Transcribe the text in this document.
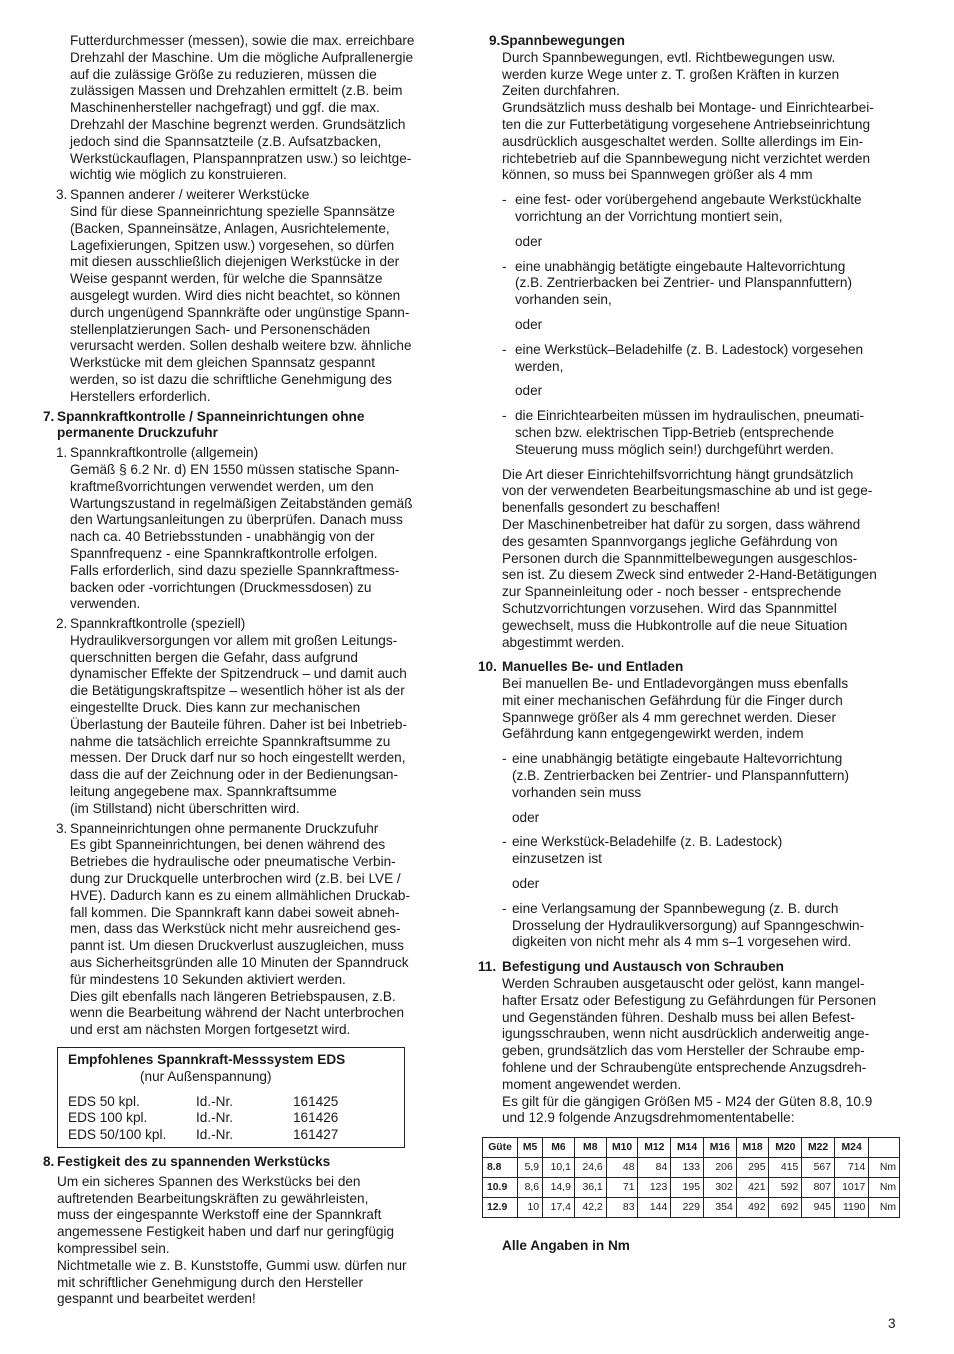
Futterdurchmesser (messen), sowie die max. erreichbare
Drehzahl der Maschine. Um die mögliche Aufprallenergie
auf die zulässige Größe zu reduzieren, müssen die
zulässigen Massen und Drehzahlen ermittelt (z.B. beim
Maschinenhersteller nachgefragt) und ggf. die max.
Drehzahl der Maschine begrenzt werden. Grundsätzlich
jedoch sind die Spannsatzteile (z.B. Aufsatzbacken,
Werkstückauflagen, Planspannpratzen usw.) so leichtge-
wichtig wie möglich zu konstruieren.
3. Spannen anderer / weiterer Werkstücke
Sind für diese Spanneinrichtung spezielle Spannsätze
(Backen, Spanneinsätze, Anlagen, Ausrichtelemente,
Lagefixierungen, Spitzen usw.) vorgesehen, so dürfen
mit diesen ausschließlich diejenigen Werkstücke in der
Weise gespannt werden, für welche die Spannsätze
ausgelegt wurden. Wird dies nicht beachtet, so können
durch ungenügend Spannkräfte oder ungünstige Spann-
stellenplatzierungen Sach- und Personenschäden
verursacht werden. Sollen deshalb weitere bzw. ähnliche
Werkstücke mit dem gleichen Spannsatz gespannt
werden, so ist dazu die schriftliche Genehmigung des
Herstellers erforderlich.
7. Spannkraftkontrolle / Spanneinrichtungen ohne
permanente Druckzufuhr
1. Spannkraftkontrolle (allgemein)
Gemäß § 6.2 Nr. d) EN 1550 müssen statische Spann-
kraftmeßvorrichtungen verwendet werden, um den
Wartungszustand in regelmäßigen Zeitabständen gemäß
den Wartungsanleitungen zu überprüfen. Danach muss
nach ca. 40 Betriebsstunden - unabhängig von der
Spannfrequenz - eine Spannkraftkontrolle erfolgen.
Falls erforderlich, sind dazu spezielle Spannkraftmess-
backen oder -vorrichtungen (Druckmessdosen) zu
verwenden.
2. Spannkraftkontrolle (speziell)
Hydraulikversorgungen vor allem mit großen Leitungs-
querschnitten bergen die Gefahr, dass aufgrund
dynamischer Effekte der Spitzendruck – und damit auch
die Betätigungskraftspitze – wesentlich höher ist als der
eingestellte Druck. Dies kann zur mechanischen
Überlastung der Bauteile führen. Daher ist bei Inbetrieb-
nahme die tatsächlich erreichte Spannkraftsumme zu
messen. Der Druck darf nur so hoch eingestellt werden,
dass die auf der Zeichnung oder in der Bedienungsan-
leitung angegebene max. Spannkraftsumme
(im Stillstand) nicht überschritten wird.
3. Spanneinrichtungen ohne permanente Druckzufuhr
Es gibt Spanneinrichtungen, bei denen während des
Betriebes die hydraulische oder pneumatische Verbin-
dung zur Druckquelle unterbrochen wird (z.B. bei LVE /
HVE). Dadurch kann es zu einem allmählichen Druckab-
fall kommen. Die Spannkraft kann dabei soweit abneh-
men, dass das Werkstück nicht mehr ausreichend ges-
pannt ist. Um diesen Druckverlust auszugleichen, muss
aus Sicherheitsgründen alle 10 Minuten der Spanndruck
für mindestens 10 Sekunden aktiviert werden.
Dies gilt ebenfalls nach längeren Betriebspausen, z.B.
wenn die Bearbeitung während der Nacht unterbrochen
und erst am nächsten Morgen fortgesetzt wird.
Empfohlenes Spannkraft-Messsystem EDS
(nur Außenspannung)
EDS 50 kpl.	Id.-Nr.	161425
EDS 100 kpl.	Id.-Nr.	161426
EDS 50/100 kpl.	Id.-Nr.	161427
8. Festigkeit des zu spannenden Werkstücks
Um ein sicheres Spannen des Werkstücks bei den
auftretenden Bearbeitungskräften zu gewährleisten,
muss der eingespannte Werkstoff eine der Spannkraft
angemessene Festigkeit haben und darf nur geringfügig
kompressibel sein.
Nichtmetalle wie z. B. Kunststoffe, Gummi usw. dürfen nur
mit schriftlicher Genehmigung durch den Hersteller
gespannt und bearbeitet werden!
9.Spannbewegungen
Durch Spannbewegungen, evtl. Richtbewegungen usw.
werden kurze Wege unter z. T. großen Kräften in kurzen
Zeiten durchfahren.
Grundsätzlich muss deshalb bei Montage- und Einrichtearbei-
ten die zur Futterbetätigung vorgesehene Antriebseinrichtung
ausdrücklich ausgeschaltet werden. Sollte allerdings im Ein-
richtebetrieb auf die Spannbewegung nicht verzichtet werden
können, so muss bei Spannwegen größer als 4 mm
- eine fest- oder vorübergehend angebaute Werkstückhalte
vorrichtung an der Vorrichtung montiert sein,
oder
- eine unabhängig betätigte eingebaute Haltevorrichtung
(z.B. Zentrierbacken bei Zentrier- und Planspannfuttern)
vorhanden sein,
oder
- eine Werkstück–Beladehilfe (z. B. Ladestock) vorgesehen
werden,
oder
- die Einrichtearbeiten müssen im hydraulischen, pneumati-
schen bzw. elektrischen Tipp-Betrieb (entsprechende
Steuerung muss möglich sein!) durchgeführt werden.
Die Art dieser Einrichtehilfsvorrichtung hängt grundsätzlich
von der verwendeten Bearbeitungsmaschine ab und ist gege-
benenfalls gesondert zu beschaffen!
Der Maschinenbetreiber hat dafür zu sorgen, dass während
des gesamten Spannvorgangs jegliche Gefährdung von
Personen durch die Spannmittelbewegungen ausgeschlos-
sen ist. Zu diesem Zweck sind entweder 2-Hand-Betätigungen
zur Spanneinleitung oder - noch besser - entsprechende
Schutzvorrichtungen vorzusehen. Wird das Spannmittel
gewechselt, muss die Hubkontrolle auf die neue Situation
abgestimmt werden.
10. Manuelles Be- und Entladen
Bei manuellen Be- und Entladevorgängen muss ebenfalls
mit einer mechanischen Gefährdung für die Finger durch
Spannwege größer als 4 mm gerechnet werden. Dieser
Gefährdung kann entgegengewirkt werden, indem
- eine unabhängig betätigte eingebaute Haltevorrichtung
(z.B. Zentrierbacken bei Zentrier- und Planspannfuttern)
vorhanden sein muss
oder
- eine Werkstück-Beladehilfe (z. B. Ladestock)
einzusetzen ist
oder
- eine Verlangsamung der Spannbewegung (z. B. durch
Drosselung der Hydraulikversorgung) auf Spanngeschwin-
digkeiten von nicht mehr als 4 mm s–1 vorgesehen wird.
11. Befestigung und Austausch von Schrauben
Werden Schrauben ausgetauscht oder gelöst, kann mangel-
hafter Ersatz oder Befestigung zu Gefährdungen für Personen
und Gegenständen führen. Deshalb muss bei allen Befest-
igungsschrauben, wenn nicht ausdrücklich anderweitig ange-
geben, grundsätzlich das vom Hersteller der Schraube emp-
fohlene und der Schraubengüte entsprechende Anzugsdreh-
moment angewendet werden.
Es gilt für die gängigen Größen M5 - M24 der Güten 8.8, 10.9
und 12.9 folgende Anzugsdrehmomententabelle:
Güte	M5	M6	M8	M10	M12	M14	M16	M18	M20	M22	M24	
8.8	5,9	10,1	24,6	48	84	133	206	295	415	567	714	Nm
10.9	8,6	14,9	36,1	71	123	195	302	421	592	807	1017	Nm
12.9	10	17,4	42,2	83	144	229	354	492	692	945	1190	Nm
Alle Angaben in Nm
3
